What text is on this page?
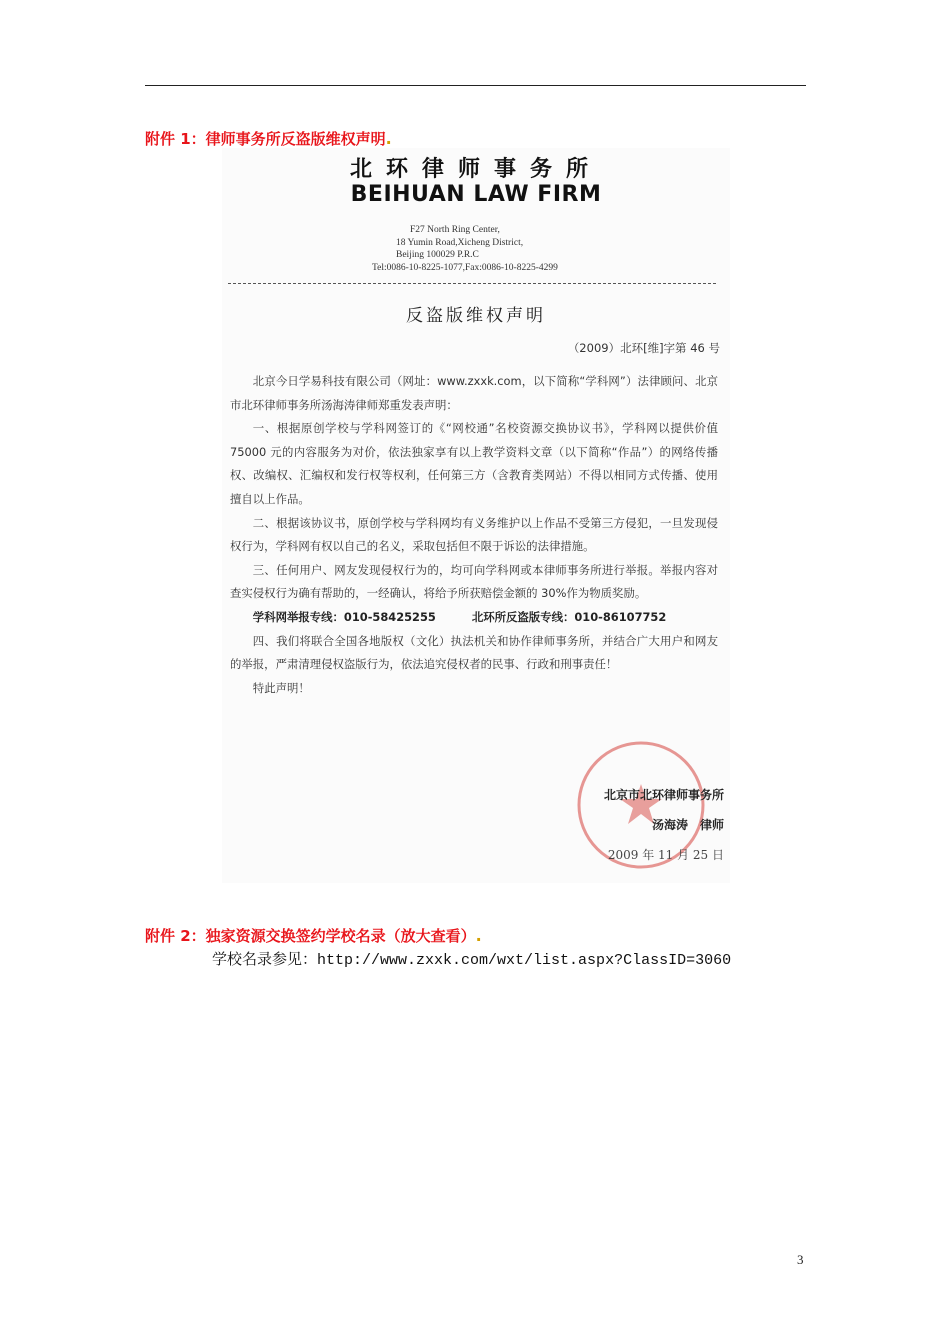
附件 1：律师事务所反盗版维权声明.
北环律师事务所
BEIHUAN LAW FIRM
F27 North Ring Center,
18 Yumin Road,Xicheng District,
Beijing 100029 P.R.C
Tel:0086-10-8225-1077,Fax:0086-10-8225-4299
反盗版维权声明
（2009）北环[维]字第 46 号

北京今日学易科技有限公司（网址：www.zxxk.com，以下简称“学科网”）法律顾问、北京市北环律师事务所汤海涛律师郑重发表声明：

一、根据原创学校与学科网签订的《“网校通”名校资源交换协议书》，学科网以提供价值 75000 元的内容服务为对价，依法独家享有以上教学资料文章（以下简称“作品”）的网络传播权、改编权、汇编权和发行权等权利，任何第三方（含教育类网站）不得以相同方式传播、使用擅自以上作品。

二、根据该协议书，原创学校与学科网均有义务维护以上作品不受第三方侵犯，一旦发现侵权行为，学科网有权以自己的名义，采取包括但不限于诉讼的法律措施。

三、任何用户、网友发现侵权行为的，均可向学科网或本律师事务所进行举报。举报内容对查实侵权行为确有帮助的，一经确认，将给予所获赔偿金额的 30%作为物质奖励。

学科网举报专线：010-58425255	北环所反盗版专线：010-86107752

四、我们将联合全国各地版权（文化）执法机关和协作律师事务所，并结合广大用户和网友的举报，严肃清理侵权盗版行为，依法追究侵权者的民事、行政和刑事责任！

特此声明！

北京市北环律师事务所
汤海涛　律师
2009 年 11 月 25 日
附件 2：独家资源交换签约学校名录（放大查看）.
学校名录参见：http://www.zxxk.com/wxt/list.aspx?ClassID=3060
3
